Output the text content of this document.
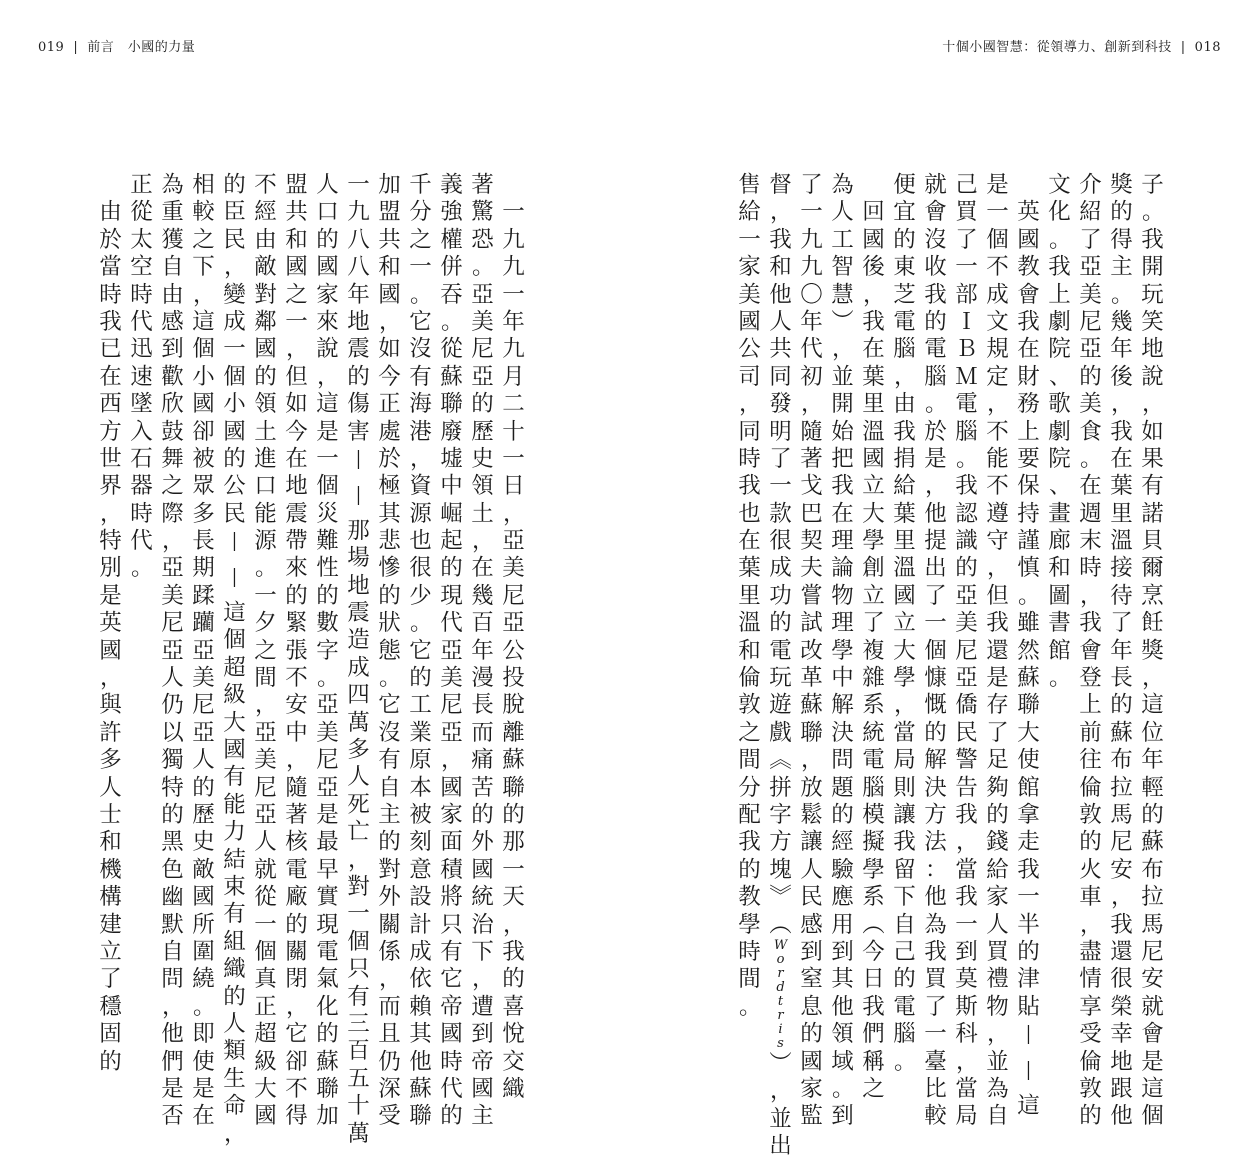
019 | 前言　小國的力量	十個小國智慧：從領導力、創新到科技 | 018

一
九
九
一
年
九
月
二
十
一
日
，
亞
美
尼
亞
公
投
脫
離
蘇
聯
的
那
一
天
，
我
的
喜
悅
交
織
著
驚
恐
。
亞
美
尼
亞
的
歷
史
領
土
，
在
幾
百
年
漫
長
而
痛
苦
的
外
國
統
治
下
，
遭
到
帝
國
主
義
強
權
併
吞
。
從
蘇
聯
廢
墟
中
崛
起
的
現
代
亞
美
尼
亞
，
國
家
面
積
將
只
有
它
帝
國
時
代
的
千
分
之
一
。
它
沒
有
海
港
，
資
源
也
很
少
。
它
的
工
業
原
本
被
刻
意
設
計
成
依
賴
其
他
蘇
聯
加
盟
共
和
國
，
如
今
正
處
於
極
其
悲
慘
的
狀
態
。
它
沒
有
自
主
的
對
外
關
係
，
而
且
仍
深
受
一
九
八
八
年
地
震
的
傷
害
│
│
那
場
地
震
造
成
四
萬
多
人
死
亡
，
對
一
個
只
有
三
百
五
十
萬
人
口
的
國
家
來
說
，
這
是
一
個
災
難
性
的
數
字
。
亞
美
尼
亞
是
最
早
實
現
電
氣
化
的
蘇
聯
加
盟
共
和
國
之
一
，
但
如
今
在
地
震
帶
來
的
緊
張
不
安
中
，
隨
著
核
電
廠
的
關
閉
，
它
卻
不
得
不
經
由
敵
對
鄰
國
的
領
土
進
口
能
源
。
一
夕
之
間
，
亞
美
尼
亞
人
就
從
一
個
真
正
超
級
大
國
的
臣
民
，
變
成
一
個
小
國
的
公
民
│
│
這
個
超
級
大
國
有
能
力
結
束
有
組
織
的
人
類
生
命
，
相
較
之
下
，
這
個
小
國
卻
被
眾
多
長
期
蹂
躪
亞
美
尼
亞
人
的
歷
史
敵
國
所
圍
繞
。
即
使
是
在
為
重
獲
自
由
感
到
歡
欣
鼓
舞
之
際
，
亞
美
尼
亞
人
仍
以
獨
特
的
黑
色
幽
默
自
問
，
他
們
是
否
正
從
太
空
時
代
迅
速
墜
入
石
器
時
代
。

由
於
當
時
我
已
在
西
方
世
界
，
特
別
是
英
國
，
與
許
多
人
士
和
機
構
建
立
了
穩
固
的
子
。
我
開
玩
笑
地
說
，
如
果
有
諾
貝
爾
烹
飪
獎
，
這
位
年
輕
的
蘇
布
拉
馬
尼
安
就
會
是
這
個
獎
的
得
主
。
幾
年
後
，
我
在
葉
里
溫
接
待
了
年
長
的
蘇
布
拉
馬
尼
安
，
我
還
很
榮
幸
地
跟
他
介
紹
了
亞
美
尼
亞
的
美
食
。
在
週
末
時
，
我
會
登
上
前
往
倫
敦
的
火
車
，
盡
情
享
受
倫
敦
的
文
化
。
我
上
劇
院
、
歌
劇
院
、
畫
廊
和
圖
書
館
。

英
國
教
會
我
在
財
務
上
要
保
持
謹
慎
。
雖
然
蘇
聯
大
使
館
拿
走
我
一
半
的
津
貼
│
│
這
是
一
個
不
成
文
規
定
，
不
能
不
遵
守
，
但
我
還
是
存
了
足
夠
的
錢
給
家
人
買
禮
物
，
並
為
自
己
買
了
一
部
Ｉ
Ｂ
Ｍ
電
腦
。
我
認
識
的
亞
美
尼
亞
僑
民
警
告
我
，
當
我
一
到
莫
斯
科
，
當
局
就
會
沒
收
我
的
電
腦
。
於
是
，
他
提
出
了
一
個
慷
慨
的
解
決
方
法
：
他
為
我
買
了
一
臺
比
較
便
宜
的
東
芝
電
腦
，
由
我
捐
給
葉
里
溫
國
立
大
學
，
當
局
則
讓
我
留
下
自
己
的
電
腦
。

回
國
後
，
我
在
葉
里
溫
國
立
大
學
創
立
了
複
雜
系
統
電
腦
模
擬
學
系
︵
今
日
我
們
稱
之
為
人
工
智
慧
︶
，
並
開
始
把
我
在
理
論
物
理
學
中
解
決
問
題
的
經
驗
應
用
到
其
他
領
域
。
到
了
一
九
九
〇
年
代
初
，
隨
著
戈
巴
契
夫
嘗
試
改
革
蘇
聯
，
放
鬆
讓
人
民
感
到
窒
息
的
國
家
監
督
，
我
和
他
人
共
同
發
明
了
一
款
很
成
功
的
電
玩
遊
戲
︽
拼
字
方
塊
︾
︵
W
o
r
d
t
r
i
s
︶
，
並
出
售
給
一
家
美
國
公
司
，
同
時
我
也
在
葉
里
溫
和
倫
敦
之
間
分
配
我
的
教
學
時
間
。
